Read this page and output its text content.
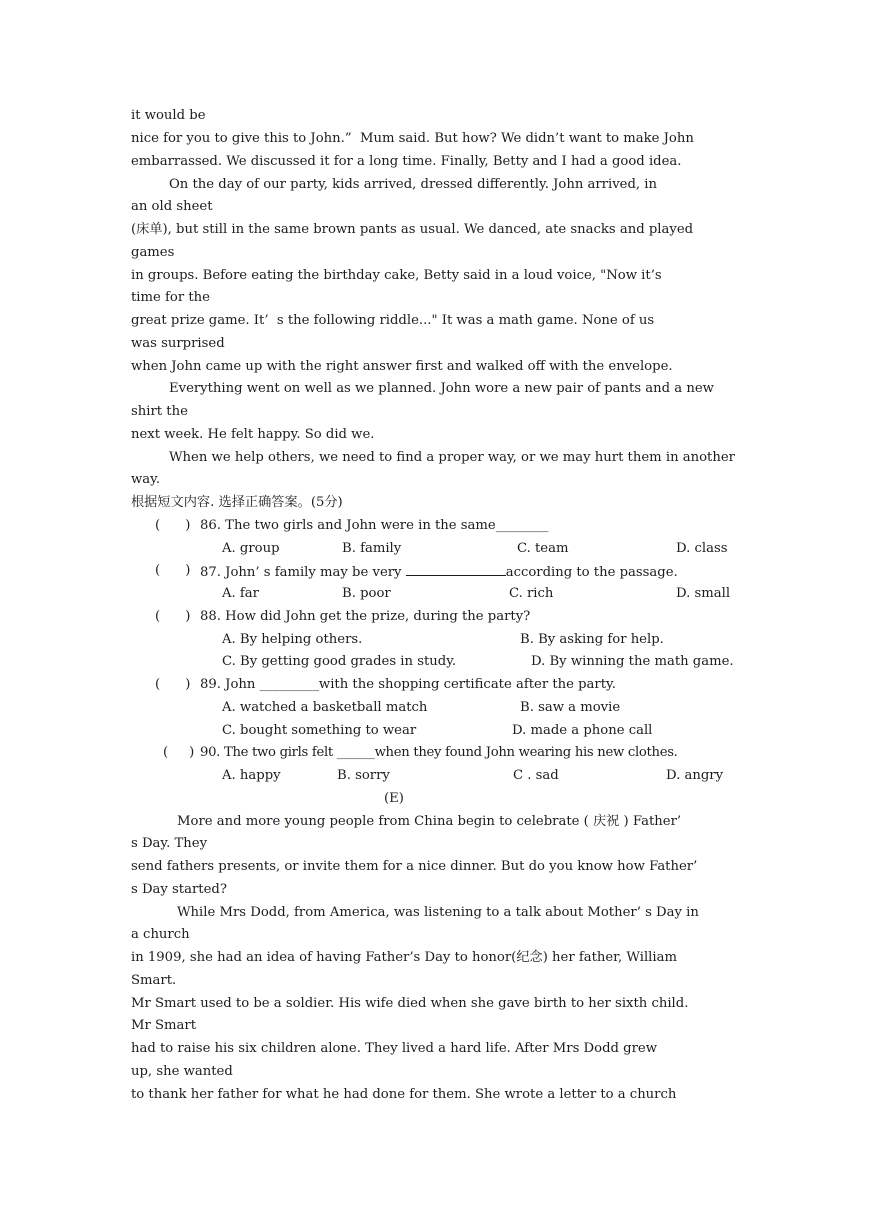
it would be
nice for you to give this to John.”  Mum said. But how? We didn’t want to make John
embarrassed. We discussed it for a long time. Finally, Betty and I had a good idea.
On the day of our party, kids arrived, dressed differently. John arrived, in
an old sheet
(床单), but still in the same brown pants as usual. We danced, ate snacks and played
games
in groups. Before eating the birthday cake, Betty said in a loud voice, "Now it’s
time for the
great prize game. It’  s the following riddle..." It was a math game. None of us
was surprised
when John came up with the right answer first and walked off with the envelope.
Everything went on well as we planned. John wore a new pair of pants and a new
shirt the
next week. He felt happy. So did we.
When we help others, we need to find a proper way, or we may hurt them in another
way.
根据短文内容. 选择正确答案。(5分)
(      ) 86. The two girls and John were in the same________
A. group	B. family	C. team	D. class
(      ) 87. John’ s family may be very	according to the passage.
A. far	B. poor	C. rich	D. small
(      ) 88. How did John get the prize, during the party?
A. By helping others.	B. By asking for help.
C. By getting good grades in study.	D. By winning the math game.
(      ) 89. John _________with the shopping certificate after the party.
A. watched a basketball match	B. saw a movie
C. bought something to wear	D. made a phone call
(     ) 90. The two girls felt ______when they found John wearing his new clothes.
A. happy	B. sorry	C . sad	D. angry
(E)
More and more young people from China begin to celebrate ( 庆祝 ) Father’
s Day. They
send fathers presents, or invite them for a nice dinner. But do you know how Father’
s Day started?
While Mrs Dodd, from America, was listening to a talk about Mother’ s Day in
a church
in 1909, she had an idea of having Father’s Day to honor(纪念) her father, William
Smart.
Mr Smart used to be a soldier. His wife died when she gave birth to her sixth child.
Mr Smart
had to raise his six children alone. They lived a hard life. After Mrs Dodd grew
up, she wanted
to thank her father for what he had done for them. She wrote a letter to a church
